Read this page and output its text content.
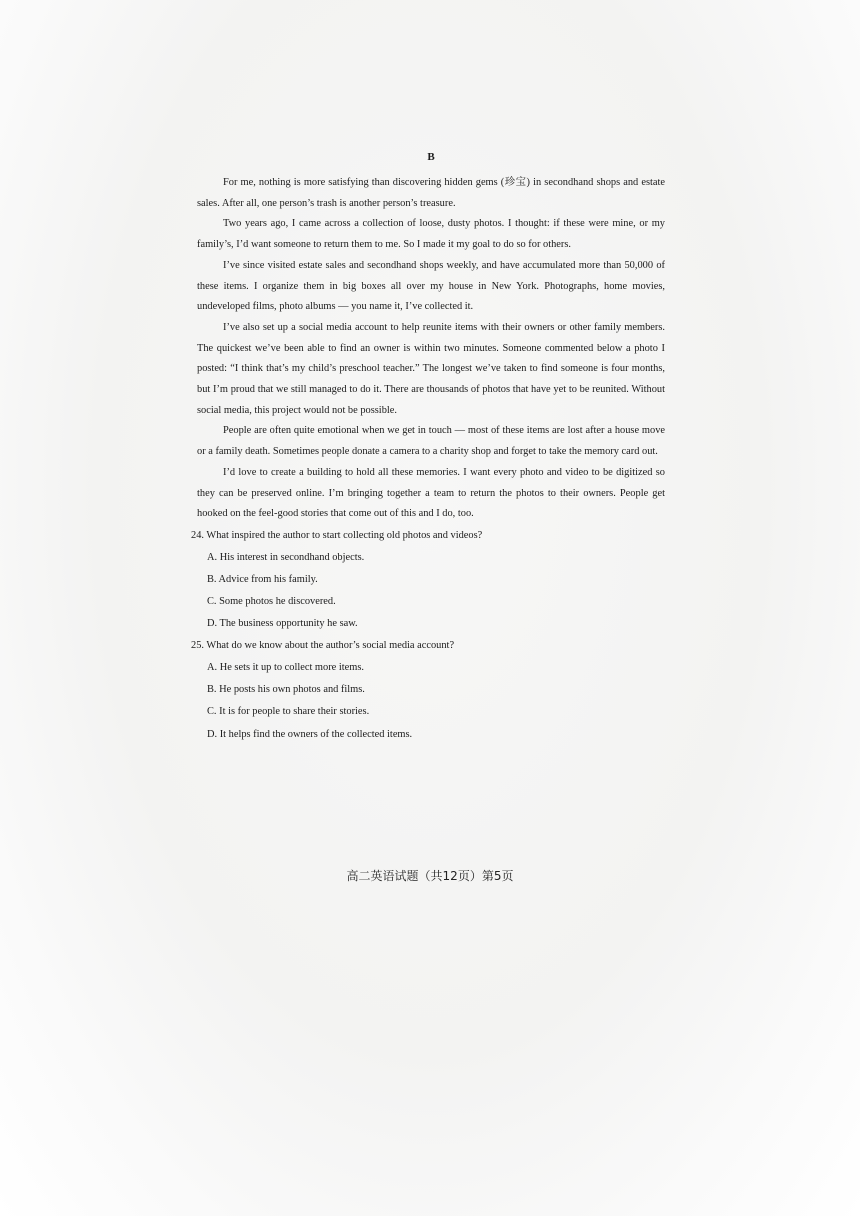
B

For me, nothing is more satisfying than discovering hidden gems (珍宝) in secondhand shops and estate sales. After all, one person’s trash is another person’s treasure.

Two years ago, I came across a collection of loose, dusty photos. I thought: if these were mine, or my family’s, I’d want someone to return them to me. So I made it my goal to do so for others.

I’ve since visited estate sales and secondhand shops weekly, and have accumulated more than 50,000 of these items. I organize them in big boxes all over my house in New York. Photographs, home movies, undeveloped films, photo albums — you name it, I’ve collected it.

I’ve also set up a social media account to help reunite items with their owners or other family members. The quickest we’ve been able to find an owner is within two minutes. Someone commented below a photo I posted: “I think that’s my child’s preschool teacher.” The longest we’ve taken to find someone is four months, but I’m proud that we still managed to do it. There are thousands of photos that have yet to be reunited. Without social media, this project would not be possible.

People are often quite emotional when we get in touch — most of these items are lost after a house move or a family death. Sometimes people donate a camera to a charity shop and forget to take the memory card out.

I’d love to create a building to hold all these memories. I want every photo and video to be digitized so they can be preserved online. I’m bringing together a team to return the photos to their owners. People get hooked on the feel-good stories that come out of this and I do, too.

24. What inspired the author to start collecting old photos and videos?
A. His interest in secondhand objects.
B. Advice from his family.
C. Some photos he discovered.
D. The business opportunity he saw.
25. What do we know about the author’s social media account?
A. He sets it up to collect more items.
B. He posts his own photos and films.
C. It is for people to share their stories.
D. It helps find the owners of the collected items.
高二英语试题（共12页）第5页
